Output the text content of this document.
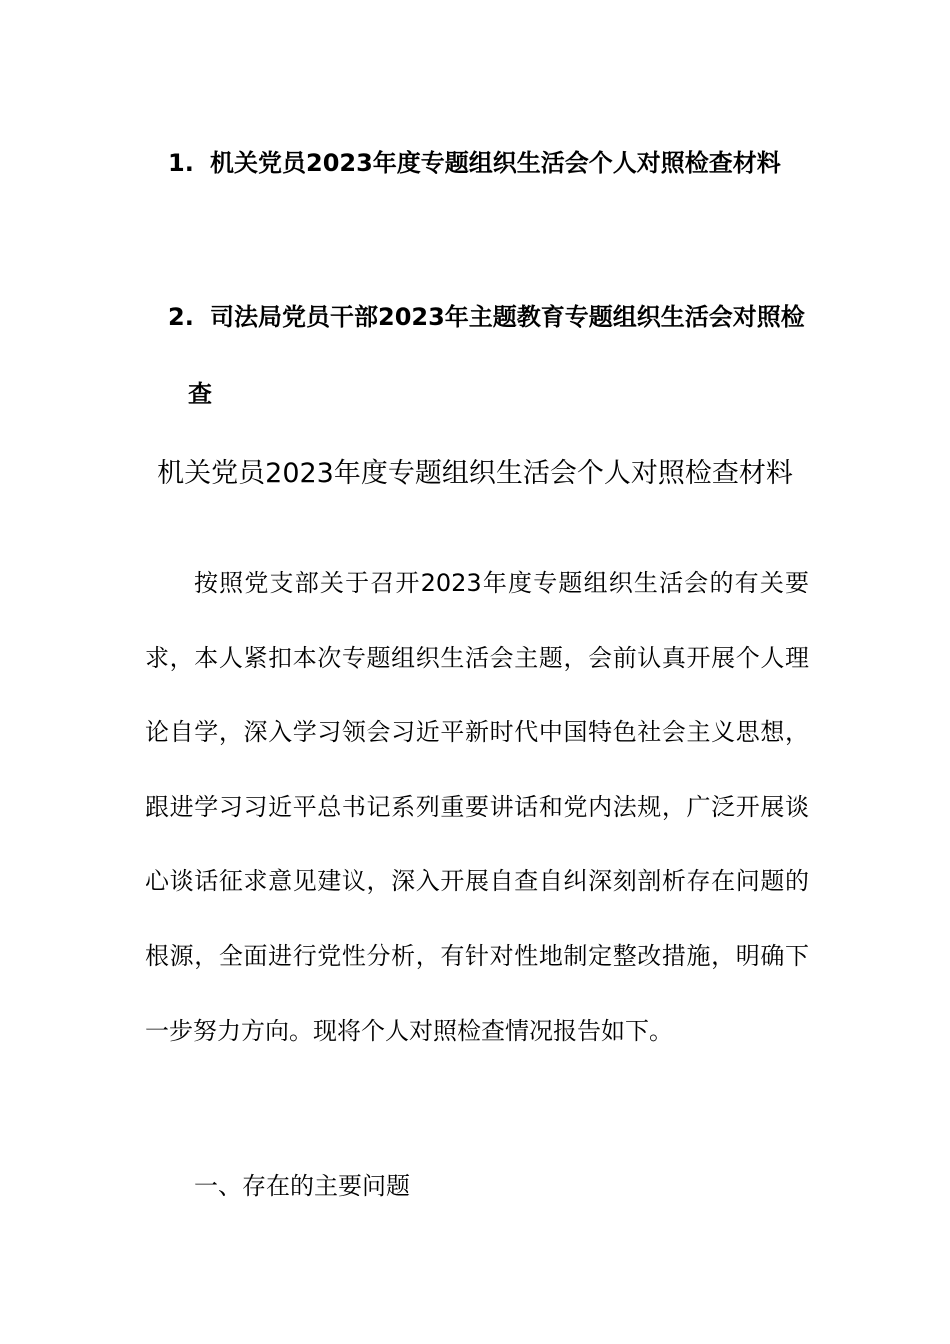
1. 机关党员2023年度专题组织生活会个人对照检查材料
2. 司法局党员干部2023年主题教育专题组织生活会对照检查
机关党员2023年度专题组织生活会个人对照检查材料

按照党支部关于召开2023年度专题组织生活会的有关要求，本人紧扣本次专题组织生活会主题，会前认真开展个人理论自学，深入学习领会习近平新时代中国特色社会主义思想，跟进学习习近平总书记系列重要讲话和党内法规，广泛开展谈心谈话征求意见建议，深入开展自查自纠深刻剖析存在问题的根源，全面进行党性分析，有针对性地制定整改措施，明确下一步努力方向。现将个人对照检查情况报告如下。

一、存在的主要问题
